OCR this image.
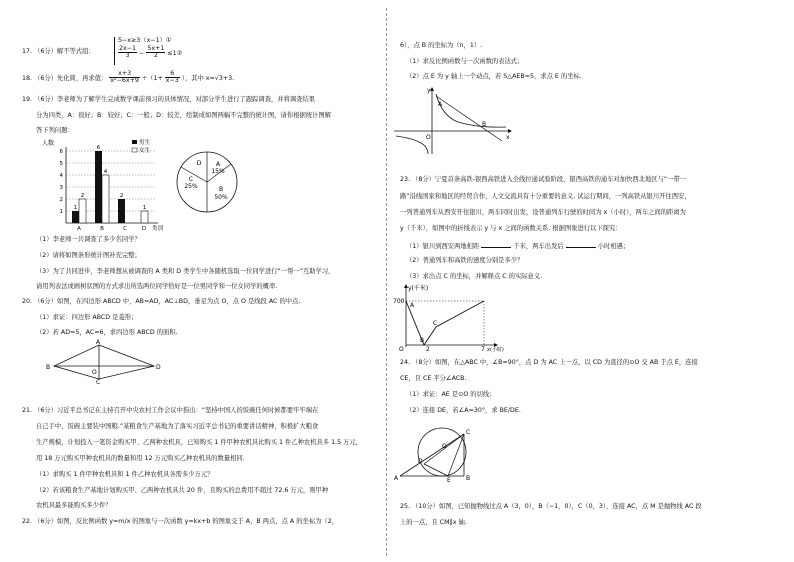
17. （6分）解不等式组：
5−x≥3（x−1）①
$\frac{2x-1}{3} - \frac{5x+1}{2}$ ≤1②
18. （6分）先化简，再求值： $\frac{x+3}{\text{x²−6x+9}} \div(1+ \frac{6}{x-3}$ ），其中 x=√3+3.
19. （6分）李老师为了解学生完成数学课前预习的具体情况，对部分学生进行了跟踪调查，并将调查结果
分为四类，A：很好；B：较好；C：一般；D：较差，绘制成如图两幅不完整的统计图，请你根据统计图解
答下列问题：
人数
1
2
3
4
5
6
1
2
6
4
2
1
A	B	C	D 类别
男生
女生
A
15%
B
50%
C
25%
D
（1）李老师一共调查了多少名同学？
（2）请将如图条形统计图补充完整；
（3）为了共同进步，李老师想从被调查的 A 类和 D 类学生中各随机选取一位同学进行“一帮一”互助学习，
请用列表法或画树状图的方式求出所选两位同学恰好是一位男同学和一位女同学的概率.
20. （6分）如图，在四边形 ABCD 中，AB=AD，AC⊥BD，垂足为点 O，点 O 是线段 AC 的中点.
（1）求证：四边形 ABCD 是菱形；
（2）若 AD=5，AC=6，求四边形 ABCD 的面积.
A
B	D
C
O
21. （6分）习近平总书记在主持召开中央农村工作会议中指出：“坚持中国人的饭碗任何时候都要牢牢端在
自己手中，饭碗主要装中国粮.”某粮食生产基地为了落实习近平总书记的重要讲话精神，积极扩大粮食
生产规模，计划投入一笔资金购买甲、乙两种农机具，已知购买 1 件甲种农机具比购买 1 件乙种农机具多 1.5 万元，
用 18 万元购买甲种农机具的数量和用 12 万元购买乙种农机具的数量相同.
（1）求购买 1 件甲种农机具和 1 件乙种农机具各需多少万元？
（2）若该粮食生产基地计划购买甲、乙两种农机具共 20 件，且购买的总费用不超过 72.6 万元，则甲种
农机具最多能购买多少件？
22. （6分）如图，反比例函数 y=m/x 的图象与一次函数 y=kx+b 的图象交于 A，B 两点，点 A 的坐标为（2，
6），点 B 的坐标为（n，1）.
（1）求反比例函数与一次函数的表达式；
（2）点 E 为 y 轴上一个动点，若 S△AEB=5，求点 E 的坐标.
y
x
A
B
O
23. （8分）宁夏首条高铁-银西高铁进入全线拉通试验阶段，银西高铁的通车对加快西北地区与“一带一
路”沿线国家和地区的经贸合作、人文交流具有十分重要的意义. 试运行期间，一列高铁从银川开往西安，
一列普通列车从西安开往银川，两车同时出发，设普通列车行驶的时间为 x（小时），两车之间的距离为
y（千米），如图中的折线表示 y 与 x 之间的函数关系. 根据图象进行以下探究：
（1）银川到西安两地相距	千米，两车出发后	小时相遇；
（2）普通列车和高铁的速度分别是多少？
（3）求出点 C 的坐标，并解释点 C 的实际意义.
y(千米)
700
O
B
2
C
A
7 x(小时)
24. （8分）如图，在△ABC 中，∠B=90°，点 D 为 AC 上一点，以 CD 为直径的⊙O 交 AB 于点 E，连接
CE，且 CE 平分∠ACB.
（1）求证：AE 是⊙O 的切线；
（2）连接 DE，若∠A=30°，求 BE/DE.
A	B
C
D
E
O
25. （10分）如图，已知抛物线过点 A（3，0），B（−1，0），C（0，3），连接 AC，点 M 是抛物线 AC 段
上的一点，且 CM∥x 轴.
